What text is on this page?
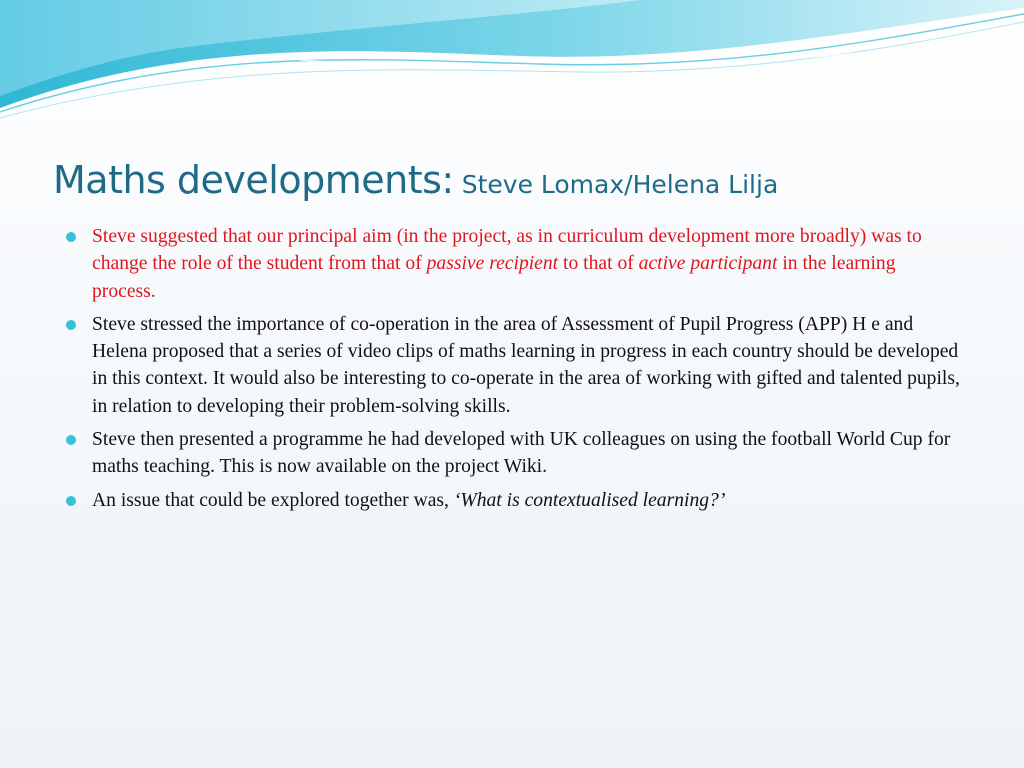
Maths developments: Steve Lomax/Helena Lilja
Steve suggested that our principal aim (in the project, as in curriculum development more broadly) was to change the role of the student from that of passive recipient to that of active participant in the learning process.
Steve stressed the importance of co-operation in the area of Assessment of Pupil Progress (APP) H e and Helena proposed that a series of video clips of maths learning in progress in each country should be developed in this context. It would also be interesting to co-operate in the area of working with gifted and talented pupils, in relation to developing their problem-solving skills.
Steve then presented a programme he had developed with UK colleagues on using the football World Cup for maths teaching. This is now available on the project Wiki.
An issue that could be explored together was, ‘What is contextualised learning?’
